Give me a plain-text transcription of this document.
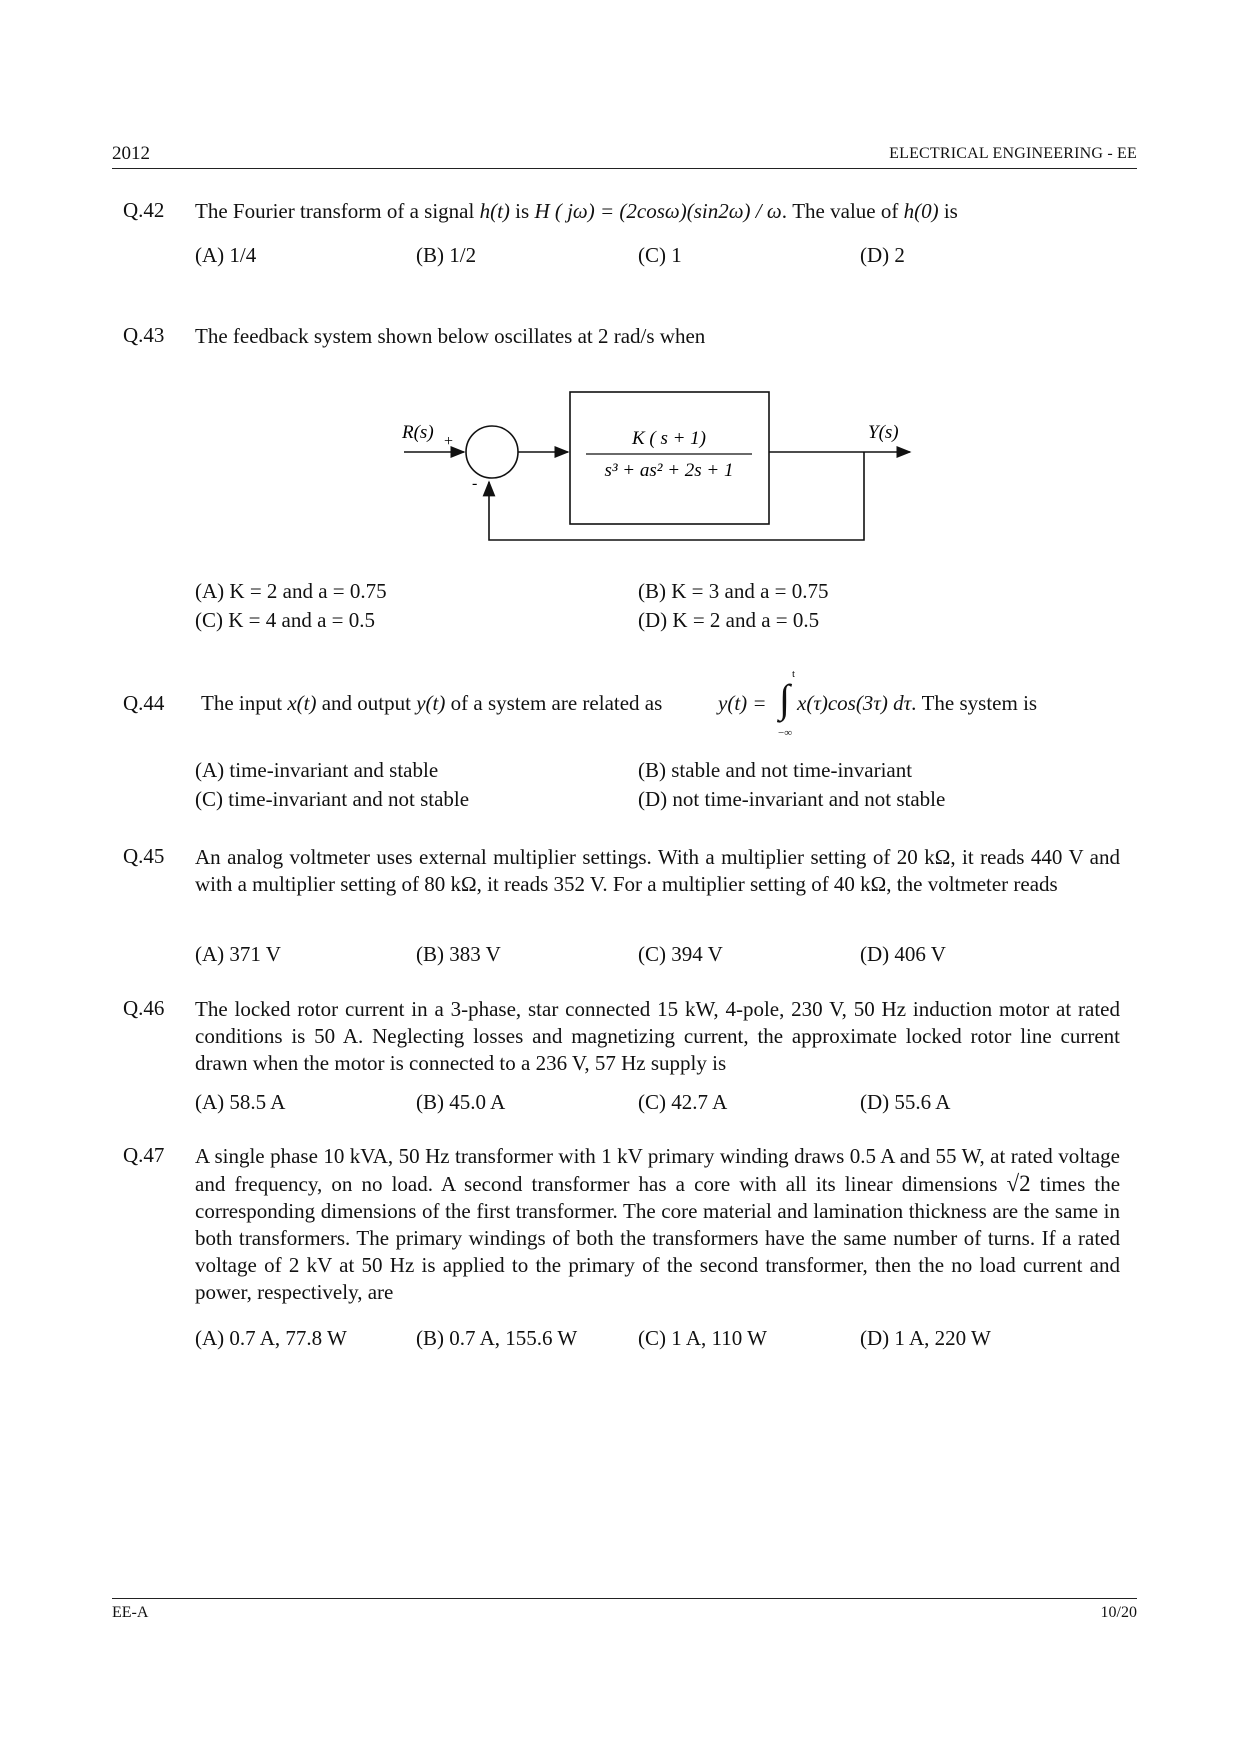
2012	ELECTRICAL ENGINEERING - EE
Q.42 The Fourier transform of a signal h(t) is H ( jω) = (2cosω)(sin2ω) / ω. The value of h(0) is
(A) 1/4	(B) 1/2	(C) 1	(D) 2
Q.43 The feedback system shown below oscillates at 2 rad/s when
R(s) +
-
K ( s + 1)
s³ + as² + 2s + 1
Y(s)
(A) K = 2 and a = 0.75	(B) K = 3 and a = 0.75
(C) K = 4 and a = 0.5	(D) K = 2 and a = 0.5
Q.44 The input x(t) and output y(t) of a system are related as	y(t) =
t
∫
−∞
x(τ)cos(3τ) dτ. The system is
(A) time-invariant and stable	(B) stable and not time-invariant
(C) time-invariant and not stable	(D) not time-invariant and not stable
Q.45 An analog voltmeter uses external multiplier settings. With a multiplier setting of 20 kΩ, it reads 440 V and with a multiplier setting of 80 kΩ, it reads 352 V. For a multiplier setting of 40 kΩ, the voltmeter reads
(A) 371 V	(B) 383 V	(C) 394 V	(D) 406 V
Q.46 The locked rotor current in a 3-phase, star connected 15 kW, 4-pole, 230 V, 50 Hz induction motor at rated conditions is 50 A. Neglecting losses and magnetizing current, the approximate locked rotor line current drawn when the motor is connected to a 236 V, 57 Hz supply is
(A) 58.5 A	(B) 45.0 A	(C) 42.7 A	(D) 55.6 A
Q.47 A single phase 10 kVA, 50 Hz transformer with 1 kV primary winding draws 0.5 A and 55 W, at rated voltage and frequency, on no load. A second transformer has a core with all its linear dimensions √2 times the corresponding dimensions of the first transformer. The core material and lamination thickness are the same in both transformers. The primary windings of both the transformers have the same number of turns. If a rated voltage of 2 kV at 50 Hz is applied to the primary of the second transformer, then the no load current and power, respectively, are
(A) 0.7 A, 77.8 W	(B) 0.7 A, 155.6 W	(C) 1 A, 110 W	(D) 1 A, 220 W
EE-A	10/20
